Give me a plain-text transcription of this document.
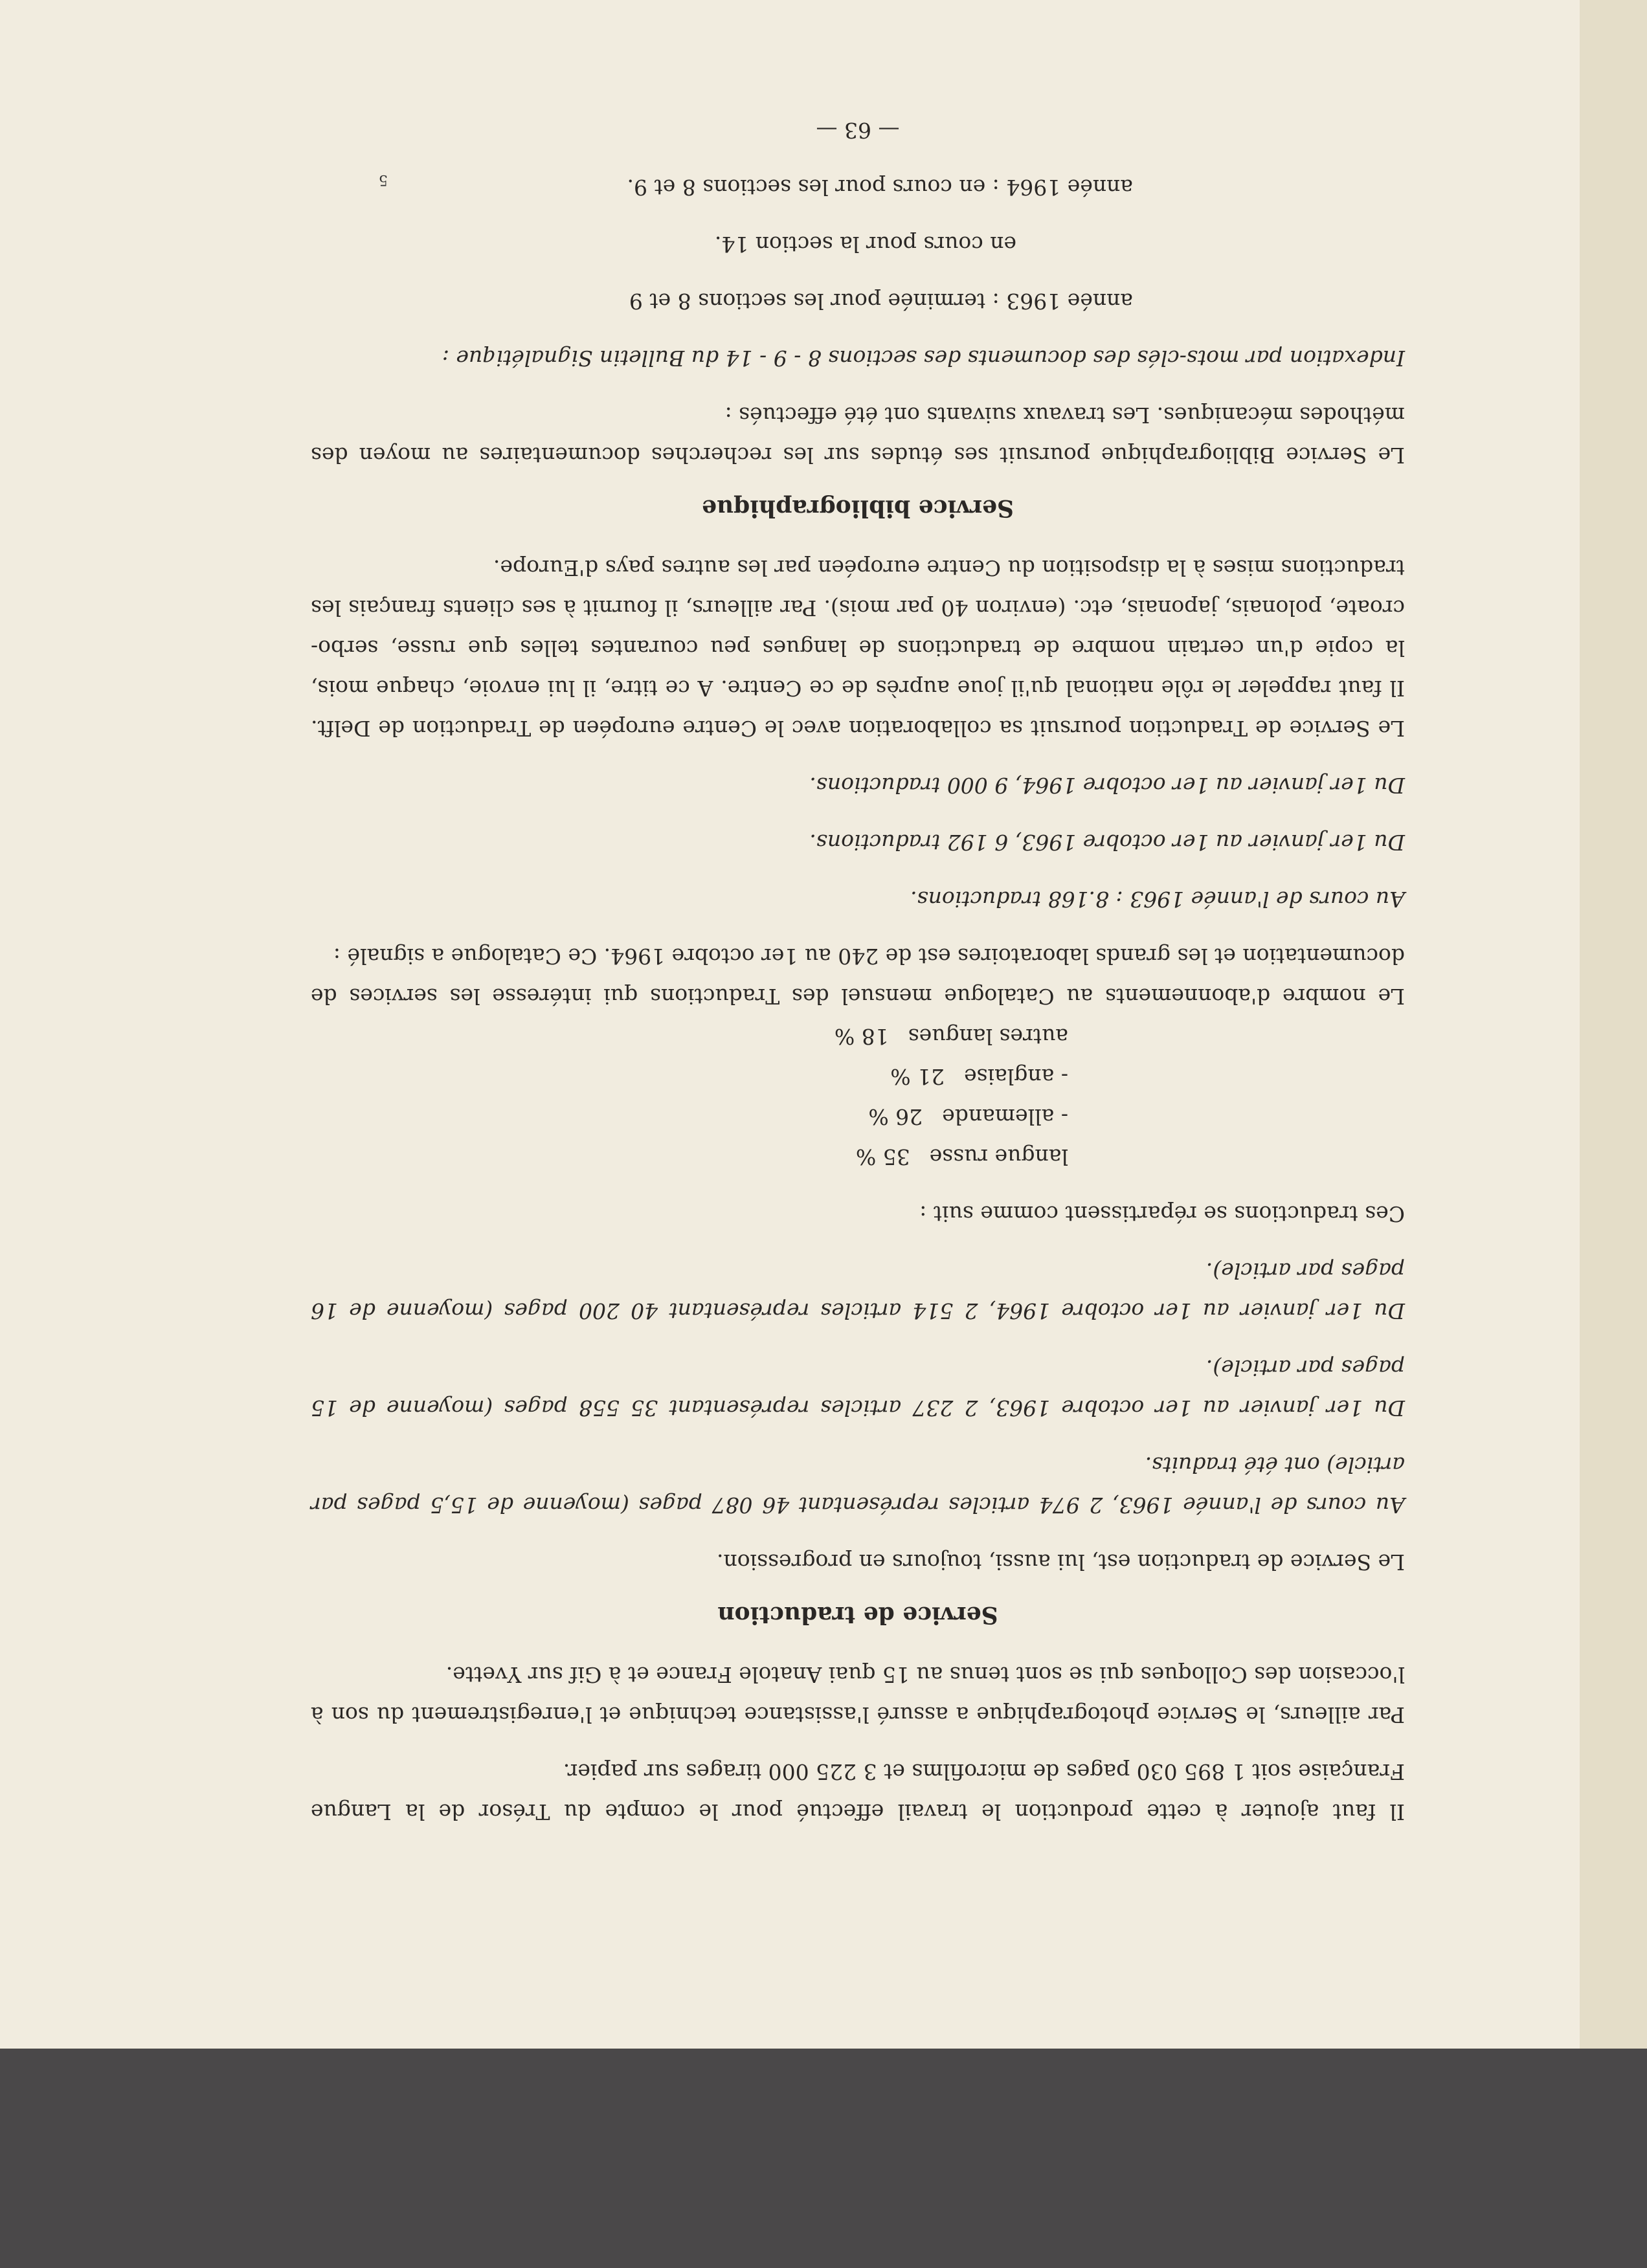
5

Il faut ajouter à cette production le travail effectué pour le compte du Trésor de la Langue Française soit 1 895 030 pages de microfilms et 3 225 000 tirages sur papier.

Par ailleurs, le Service photographique a assuré l'assistance technique et l'enregistrement du son à l'occasion des Colloques qui se sont tenus au 15 quai Anatole France et à Gif sur Yvette.

Service de traduction

Le Service de traduction est, lui aussi, toujours en progression.

Au cours de l'année 1963, 2 974 articles représentant 46 087 pages (moyenne de 15,5 pages par article) ont été traduits.

Du 1er janvier au 1er octobre 1963, 2 237 articles représentant 35 558 pages (moyenne de 15 pages par article).

Du 1er janvier au 1er octobre 1964, 2 514 articles représentant 40 200 pages (moyenne de 16 pages par article).

Ces traductions se répartissent comme suit :

langue russe
35 %
- allemande
26 %
- anglaise
21 %
autres langues
18 %

Le nombre d'abonnements au Catalogue mensuel des Traductions qui intéresse les services de documentation et les grands laboratoires est de 240 au 1er octobre 1964. Ce Catalogue a signalé :

Au cours de l'année 1963 : 8.168 traductions.

Du 1er janvier au 1er octobre 1963, 6 192 traductions.

Du 1er janvier au 1er octobre 1964, 9 000 traductions.

Le Service de Traduction poursuit sa collaboration avec le Centre européen de Traduction de Delft. Il faut rappeler le rôle national qu'il joue auprès de ce Centre. A ce titre, il lui envoie, chaque mois, la copie d'un certain nombre de traductions de langues peu courantes telles que russe, serbo-croate, polonais, japonais, etc. (environ 40 par mois). Par ailleurs, il fournit à ses clients français les traductions mises à la disposition du Centre européen par les autres pays d'Europe.

Service bibliographique

Le Service Bibliographique poursuit ses études sur les recherches documentaires au moyen des méthodes mécaniques. Les travaux suivants ont été effectués :

Indexation par mots-clés des documents des sections 8 - 9 - 14 du Bulletin Signalétique :

année 1963 : terminée pour les sections 8 et 9

en cours pour la section 14.

année 1964 : en cours pour les sections 8 et 9.

— 63 —
